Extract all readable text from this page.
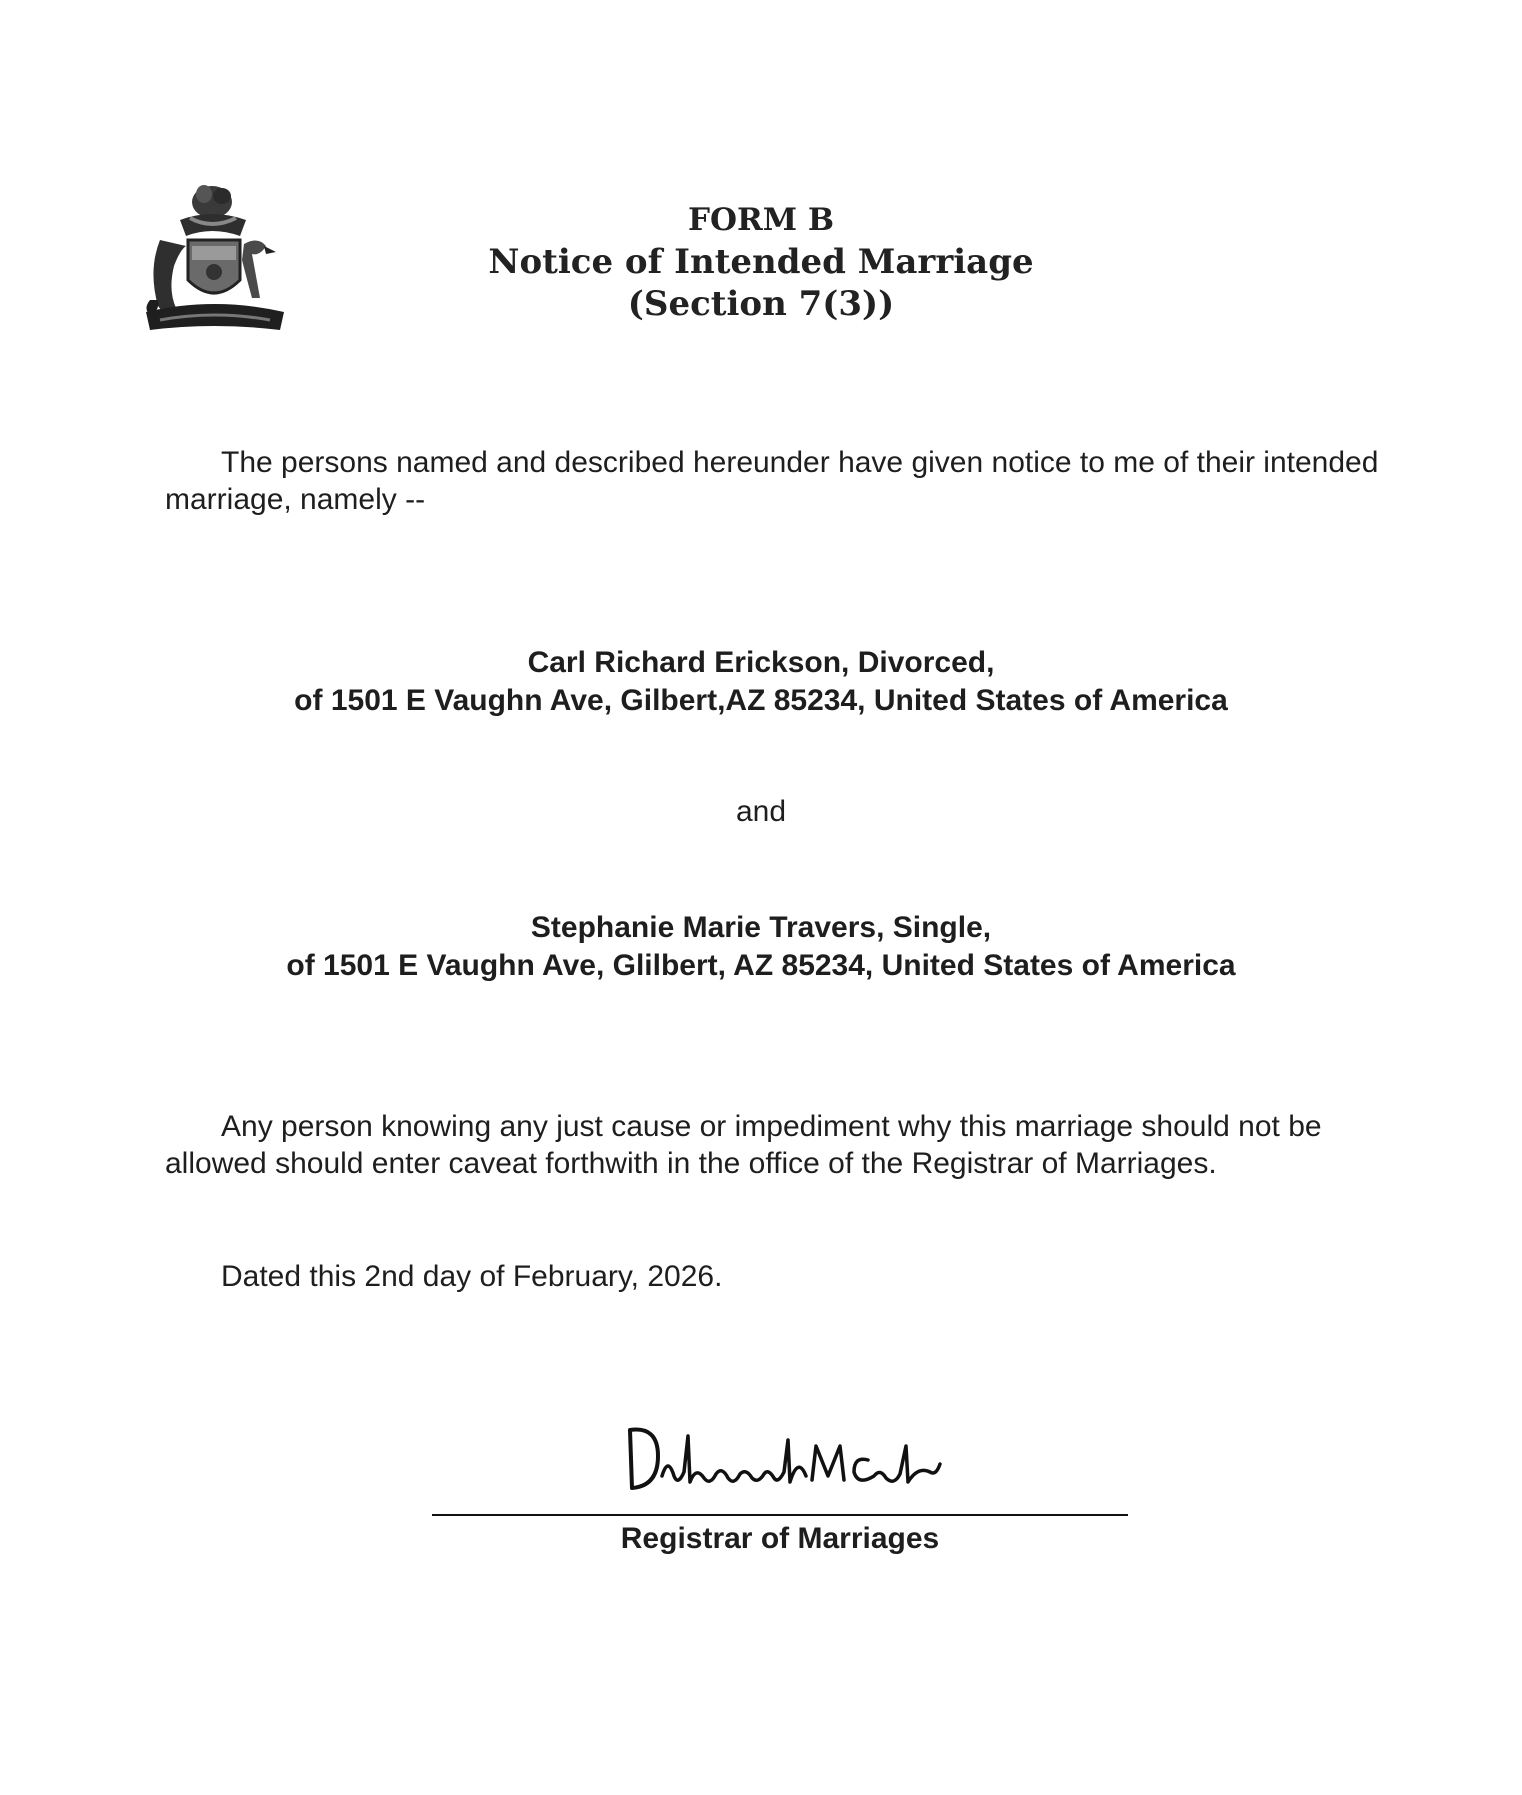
FORM B
Notice of Intended Marriage
(Section 7(3))
The persons named and described hereunder have given notice to me of their intended marriage, namely --
Carl Richard Erickson, Divorced,
of 1501 E Vaughn Ave, Gilbert,AZ 85234, United States of America
and
Stephanie Marie Travers, Single,
of 1501 E Vaughn Ave, Glilbert, AZ 85234, United States of America
Any person knowing any just cause or impediment why this marriage should not be allowed should enter caveat forthwith in the office of the Registrar of Marriages.
Dated this 2nd day of February, 2026.
Registrar of Marriages
